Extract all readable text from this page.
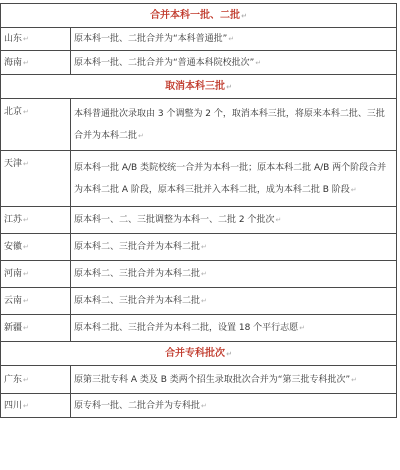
合并本科一批、二批↵	
山东↵	原本科一批、二批合并为“本科普通批”↵
海南↵	原本科一批、二批合并为“普通本科院校批次”↵
取消本科三批↵	
北京↵	本科普通批次录取由 3 个调整为 2 个，取消本科三批，将原来本科二批、三批合并为本科二批↵
天津↵	原本科一批 A/B 类院校统一合并为本科一批；原本本科二批 A/B 两个阶段合并为本科二批 A 阶段，原本科三批并入本科二批，成为本科二批 B 阶段↵
江苏↵	原本科一、二、三批调整为本科一、二批 2 个批次↵
安徽↵	原本科二、三批合并为本科二批↵
河南↵	原本科二、三批合并为本科二批↵
云南↵	原本科二、三批合并为本科二批↵
新疆↵	原本科二批、三批合并为本科二批，设置 18 个平行志愿↵
合并专科批次↵	
广东↵	原第三批专科 A 类及 B 类两个招生录取批次合并为“第三批专科批次”↵
四川↵	原专科一批、二批合并为专科批↵
